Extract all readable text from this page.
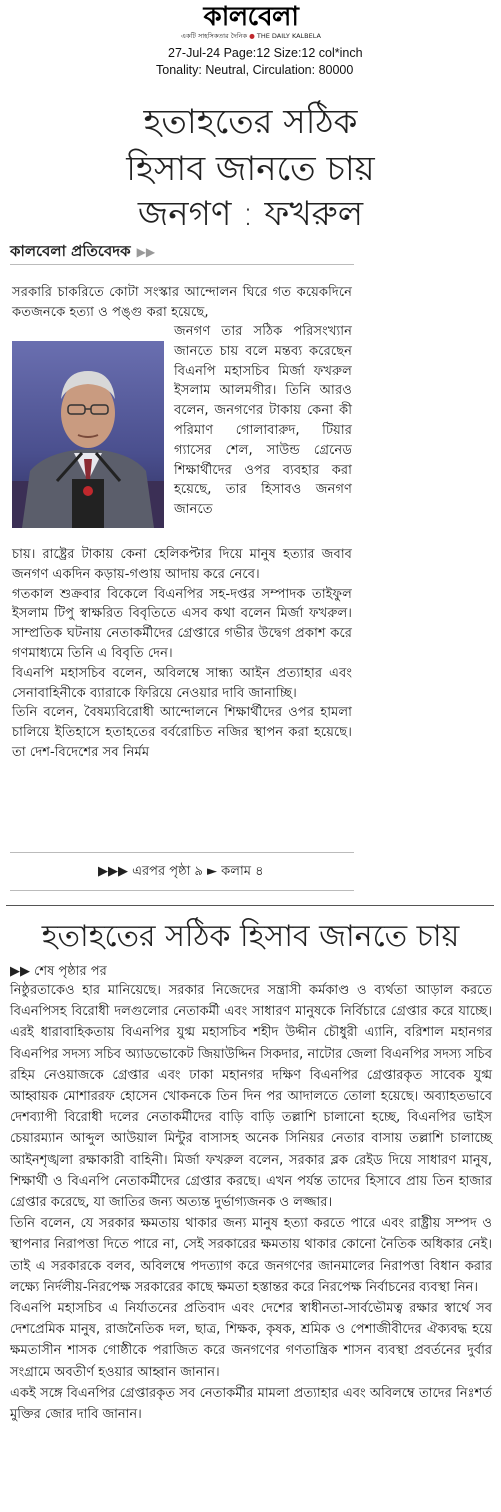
কালবেলা
একটি সাহসিকতার দৈনিক ● THE DAILY KALBELA
27-Jul-24 Page:12 Size:12 col*inch
Tonality: Neutral, Circulation: 80000
হতাহতের সঠিক
হিসাব জানতে চায়
জনগণ : ফখরুল
কালবেলা প্রতিবেদক ▶▶
সরকারি চাকরিতে কোটা সংস্কার আন্দোলন ঘিরে গত কয়েকদিনে কতজনকে হত্যা ও পঙ্গু করা হয়েছে,
জনগণ তার সঠিক পরিসংখ্যান জানতে চায় বলে মন্তব্য করেছেন বিএনপি মহাসচিব মির্জা ফখরুল ইসলাম আলমগীর। তিনি আরও বলেন, জনগণের টাকায় কেনা কী পরিমাণ গোলাবারুদ, টিয়ার গ্যাসের শেল, সাউন্ড গ্রেনেড শিক্ষার্থীদের ওপর ব্যবহার করা হয়েছে, তার হিসাবও জনগণ জানতে
চায়। রাষ্ট্রের টাকায় কেনা হেলিকপ্টার দিয়ে মানুষ হত্যার জবাব জনগণ একদিন কড়ায়-গণ্ডায় আদায় করে নেবে।
গতকাল শুক্রবার বিকেলে বিএনপির সহ-দপ্তর সম্পাদক তাইফুল ইসলাম টিপু স্বাক্ষরিত বিবৃতিতে এসব কথা বলেন মির্জা ফখরুল। সাম্প্রতিক ঘটনায় নেতাকর্মীদের গ্রেপ্তারে গভীর উদ্বেগ প্রকাশ করে গণমাধ্যমে তিনি এ বিবৃতি দেন।
বিএনপি মহাসচিব বলেন, অবিলম্বে সান্ধ্য আইন প্রত্যাহার এবং সেনাবাহিনীকে ব্যারাকে ফিরিয়ে নেওয়ার দাবি জানাচ্ছি।
তিনি বলেন, বৈষম্যবিরোধী আন্দোলনে শিক্ষার্থীদের ওপর হামলা চালিয়ে ইতিহাসে হতাহতের বর্বরোচিত নজির স্থাপন করা হয়েছে। তা দেশ-বিদেশের সব নির্মম
▶▶▶ এরপর পৃষ্ঠা ৯ ► কলাম ৪
হতাহতের সঠিক হিসাব জানতে চায়
▶▶ শেষ পৃষ্ঠার পর
নিষ্ঠুরতাকেও হার মানিয়েছে। সরকার নিজেদের সন্ত্রাসী কর্মকাণ্ড ও ব্যর্থতা আড়াল করতে বিএনপিসহ বিরোধী দলগুলোর নেতাকর্মী এবং সাধারণ মানুষকে নির্বিচারে গ্রেপ্তার করে যাচ্ছে। এরই ধারাবাহিকতায় বিএনপির যুগ্ম মহাসচিব শহীদ উদ্দীন চৌধুরী এ্যানি, বরিশাল মহানগর বিএনপির সদস্য সচিব অ্যাডভোকেট জিয়াউদ্দিন সিকদার, নাটোর জেলা বিএনপির সদস্য সচিব রহিম নেওয়াজকে গ্রেপ্তার এবং ঢাকা মহানগর দক্ষিণ বিএনপির গ্রেপ্তারকৃত সাবেক যুগ্ম আহ্বায়ক মোশাররফ হোসেন খোকনকে তিন দিন পর আদালতে তোলা হয়েছে। অব্যাহতভাবে দেশব্যাপী বিরোধী দলের নেতাকর্মীদের বাড়ি বাড়ি তল্লাশি চালানো হচ্ছে, বিএনপির ভাইস চেয়ারম্যান আব্দুল আউয়াল মিন্টুর বাসাসহ অনেক সিনিয়র নেতার বাসায় তল্লাশি চালাচ্ছে আইনশৃঙ্খলা রক্ষাকারী বাহিনী। মির্জা ফখরুল বলেন, সরকার ব্লক রেইড দিয়ে সাধারণ মানুষ, শিক্ষার্থী ও বিএনপি নেতাকর্মীদের গ্রেপ্তার করছে। এখন পর্যন্ত তাদের হিসাবে প্রায় তিন হাজার গ্রেপ্তার করেছে, যা জাতির জন্য অত্যন্ত দুর্ভাগ্যজনক ও লজ্জার।
তিনি বলেন, যে সরকার ক্ষমতায় থাকার জন্য মানুষ হত্যা করতে পারে এবং রাষ্ট্রীয় সম্পদ ও স্থাপনার নিরাপত্তা দিতে পারে না, সেই সরকারের ক্ষমতায় থাকার কোনো নৈতিক অধিকার নেই। তাই এ সরকারকে বলব, অবিলম্বে পদত্যাগ করে জনগণের জানমালের নিরাপত্তা বিধান করার লক্ষ্যে নির্দলীয়-নিরপেক্ষ সরকারের কাছে ক্ষমতা হস্তান্তর করে নিরপেক্ষ নির্বাচনের ব্যবস্থা নিন।
বিএনপি মহাসচিব এ নির্যাতনের প্রতিবাদ এবং দেশের স্বাধীনতা-সার্বভৌমত্ব রক্ষার স্বার্থে সব দেশপ্রেমিক মানুষ, রাজনৈতিক দল, ছাত্র, শিক্ষক, কৃষক, শ্রমিক ও পেশাজীবীদের ঐক্যবদ্ধ হয়ে ক্ষমতাসীন শাসক গোষ্ঠীকে পরাজিত করে জনগণের গণতান্ত্রিক শাসন ব্যবস্থা প্রবর্তনের দুর্বার সংগ্রামে অবতীর্ণ হওয়ার আহ্বান জানান।
একই সঙ্গে বিএনপির গ্রেপ্তারকৃত সব নেতাকর্মীর মামলা প্রত্যাহার এবং অবিলম্বে তাদের নিঃশর্ত মুক্তির জোর দাবি জানান।
